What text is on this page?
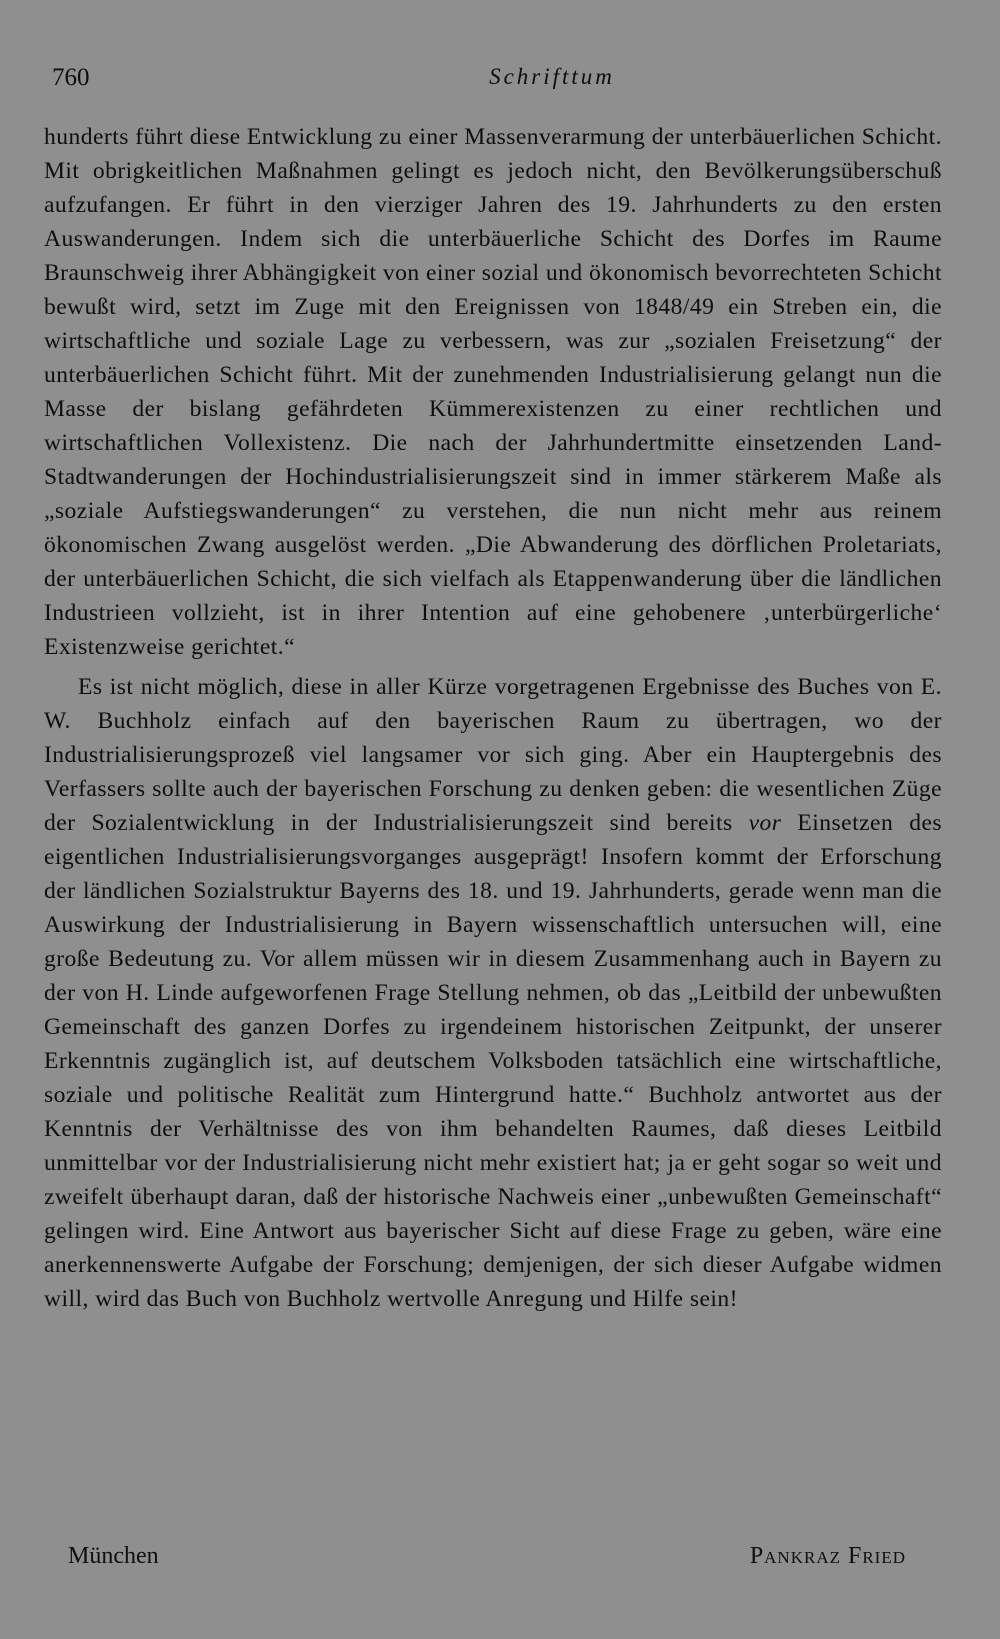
760	Schrifttum

hunderts führt diese Entwicklung zu einer Massenverarmung der unterbäuerlichen Schicht. Mit obrigkeitlichen Maßnahmen gelingt es jedoch nicht, den Bevölkerungsüberschuß aufzufangen. Er führt in den vierziger Jahren des 19. Jahrhunderts zu den ersten Auswanderungen. Indem sich die unterbäuerliche Schicht des Dorfes im Raume Braunschweig ihrer Abhängigkeit von einer sozial und ökonomisch bevorrechteten Schicht bewußt wird, setzt im Zuge mit den Ereignissen von 1848/49 ein Streben ein, die wirtschaftliche und soziale Lage zu verbessern, was zur „sozialen Freisetzung“ der unterbäuerlichen Schicht führt. Mit der zunehmenden Industrialisierung gelangt nun die Masse der bislang gefährdeten Kümmerexistenzen zu einer rechtlichen und wirtschaftlichen Vollexistenz. Die nach der Jahrhundertmitte einsetzenden Land-Stadtwanderungen der Hochindustrialisierungszeit sind in immer stärkerem Maße als „soziale Aufstiegswanderungen“ zu verstehen, die nun nicht mehr aus reinem ökonomischen Zwang ausgelöst werden. „Die Abwanderung des dörflichen Proletariats, der unterbäuerlichen Schicht, die sich vielfach als Etappenwanderung über die ländlichen Industrieen vollzieht, ist in ihrer Intention auf eine gehobenere ‚unterbürgerliche‘ Existenzweise gerichtet.“

Es ist nicht möglich, diese in aller Kürze vorgetragenen Ergebnisse des Buches von E. W. Buchholz einfach auf den bayerischen Raum zu übertragen, wo der Industrialisierungsprozeß viel langsamer vor sich ging. Aber ein Hauptergebnis des Verfassers sollte auch der bayerischen Forschung zu denken geben: die wesentlichen Züge der Sozialentwicklung in der Industrialisierungszeit sind bereits vor Einsetzen des eigentlichen Industrialisierungsvorganges ausgeprägt! Insofern kommt der Erforschung der ländlichen Sozialstruktur Bayerns des 18. und 19. Jahrhunderts, gerade wenn man die Auswirkung der Industrialisierung in Bayern wissenschaftlich untersuchen will, eine große Bedeutung zu. Vor allem müssen wir in diesem Zusammenhang auch in Bayern zu der von H. Linde aufgeworfenen Frage Stellung nehmen, ob das „Leitbild der unbewußten Gemeinschaft des ganzen Dorfes zu irgendeinem historischen Zeitpunkt, der unserer Erkenntnis zugänglich ist, auf deutschem Volksboden tatsächlich eine wirtschaftliche, soziale und politische Realität zum Hintergrund hatte.“ Buchholz antwortet aus der Kenntnis der Verhältnisse des von ihm behandelten Raumes, daß dieses Leitbild unmittelbar vor der Industrialisierung nicht mehr existiert hat; ja er geht sogar so weit und zweifelt überhaupt daran, daß der historische Nachweis einer „unbewußten Gemeinschaft“ gelingen wird. Eine Antwort aus bayerischer Sicht auf diese Frage zu geben, wäre eine anerkennenswerte Aufgabe der Forschung; demjenigen, der sich dieser Aufgabe widmen will, wird das Buch von Buchholz wertvolle Anregung und Hilfe sein!

München	Pankraz Fried
